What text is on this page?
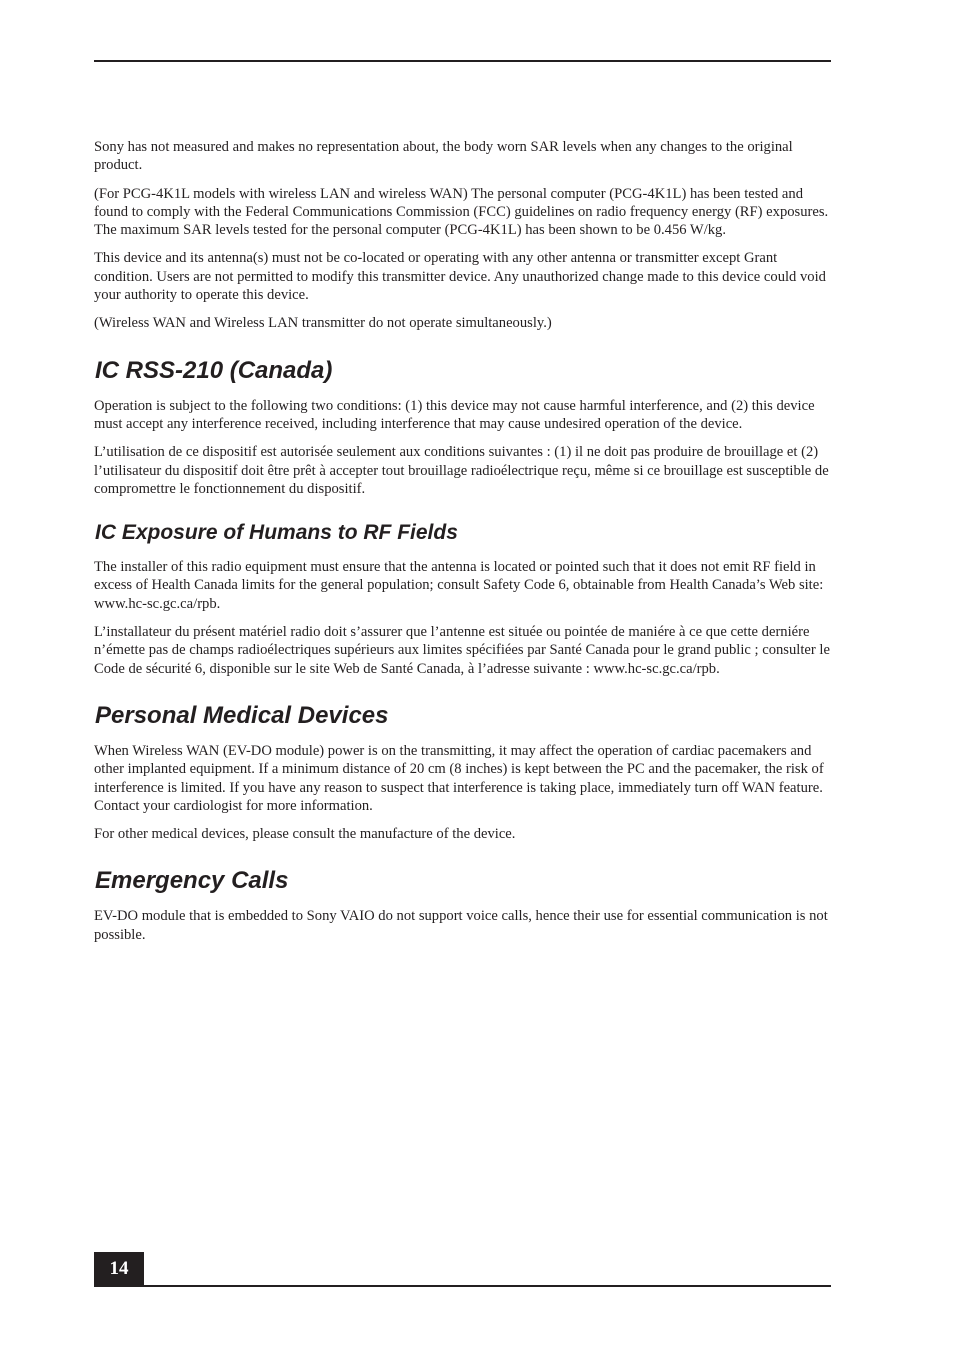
Sony has not measured and makes no representation about, the body worn SAR levels when any changes to the original product.

(For PCG-4K1L models with wireless LAN and wireless WAN) The personal computer (PCG-4K1L) has been tested and found to comply with the Federal Communications Commission (FCC) guidelines on radio frequency energy (RF) exposures. The maximum SAR levels tested for the personal computer (PCG-4K1L) has been shown to be 0.456 W/kg.

This device and its antenna(s) must not be co-located or operating with any other antenna or transmitter except Grant condition. Users are not permitted to modify this transmitter device. Any unauthorized change made to this device could void your authority to operate this device.

(Wireless WAN and Wireless LAN transmitter do not operate simultaneously.)

IC RSS-210 (Canada)

Operation is subject to the following two conditions: (1) this device may not cause harmful interference, and (2) this device must accept any interference received, including interference that may cause undesired operation of the device.

L’utilisation de ce dispositif est autorisée seulement aux conditions suivantes : (1) il ne doit pas produire de brouillage et (2) l’utilisateur du dispositif doit être prêt à accepter tout brouillage radioélectrique reçu, même si ce brouillage est susceptible de compromettre le fonctionnement du dispositif.

IC Exposure of Humans to RF Fields

The installer of this radio equipment must ensure that the antenna is located or pointed such that it does not emit RF field in excess of Health Canada limits for the general population; consult Safety Code 6, obtainable from Health Canada’s Web site: www.hc-sc.gc.ca/rpb.

L’installateur du présent matériel radio doit s’assurer que l’antenne est située ou pointée de maniére à ce que cette derniére n’émette pas de champs radioélectriques supérieurs aux limites spécifiées par Santé Canada pour le grand public ; consulter le Code de sécurité 6, disponible sur le site Web de Santé Canada, à l’adresse suivante : www.hc-sc.gc.ca/rpb.

Personal Medical Devices

When Wireless WAN (EV-DO module) power is on the transmitting, it may affect the operation of cardiac pacemakers and other implanted equipment. If a minimum distance of 20 cm (8 inches) is kept between the PC and the pacemaker, the risk of interference is limited. If you have any reason to suspect that interference is taking place, immediately turn off WAN feature. Contact your cardiologist for more information.

For other medical devices, please consult the manufacture of the device.

Emergency Calls

EV-DO module that is embedded to Sony VAIO do not support voice calls, hence their use for essential communication is not possible.

14
